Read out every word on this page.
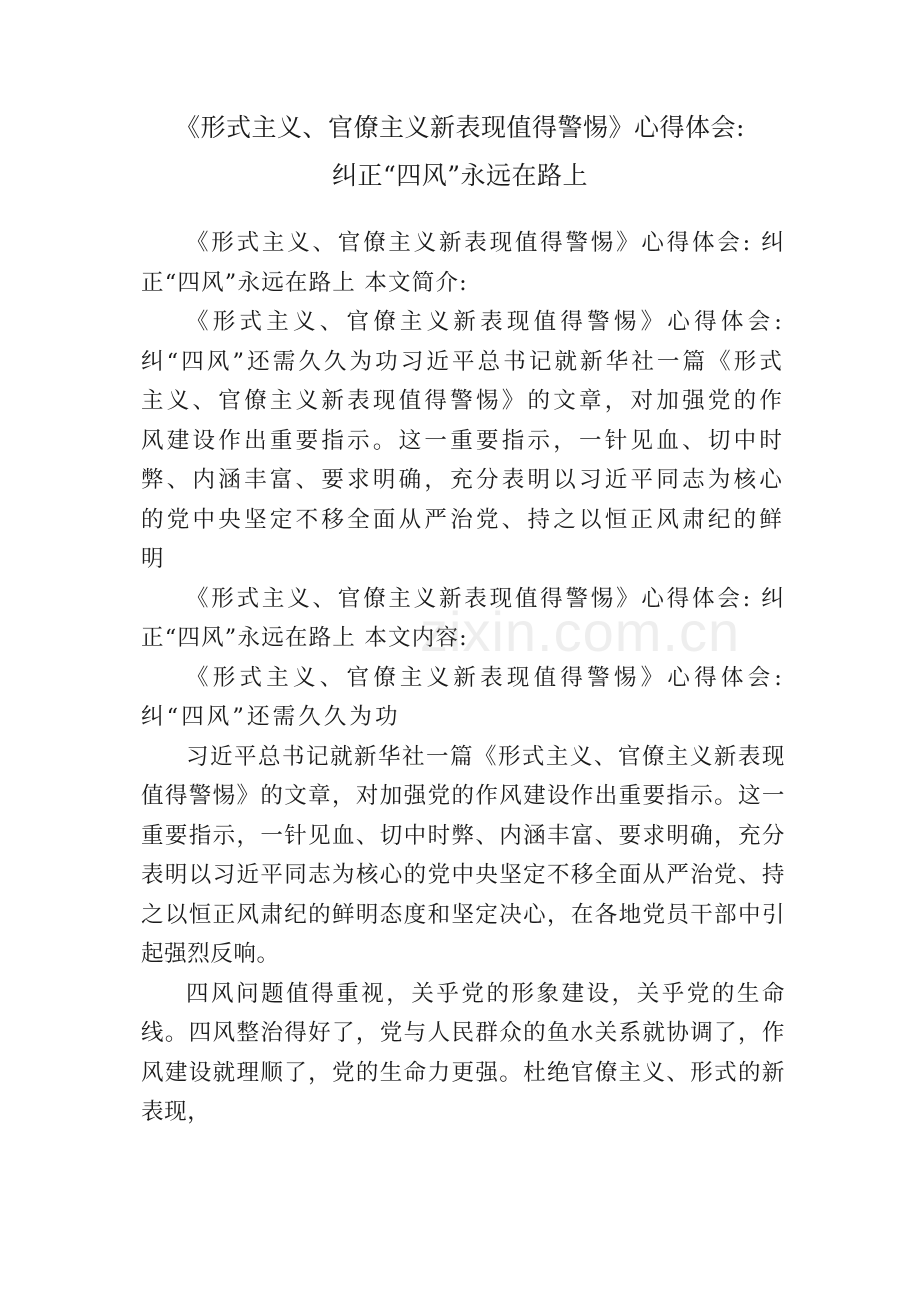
《形式主义、官僚主义新表现值得警惕》心得体会:
纠正“四风”永远在路上

《形式主义、官僚主义新表现值得警惕》心得体会: 纠正“四风”永远在路上 本文简介:

《形式主义、官僚主义新表现值得警惕》心得体会: 纠“四风”还需久久为功习近平总书记就新华社一篇《形式主义、官僚主义新表现值得警惕》的文章，对加强党的作风建设作出重要指示。这一重要指示，一针见血、切中时弊、内涵丰富、要求明确，充分表明以习近平同志为核心的党中央坚定不移全面从严治党、持之以恒正风肃纪的鲜明

《形式主义、官僚主义新表现值得警惕》心得体会: 纠正“四风”永远在路上 本文内容:

《形式主义、官僚主义新表现值得警惕》心得体会: 纠“四风”还需久久为功

习近平总书记就新华社一篇《形式主义、官僚主义新表现值得警惕》的文章，对加强党的作风建设作出重要指示。这一重要指示，一针见血、切中时弊、内涵丰富、要求明确，充分表明以习近平同志为核心的党中央坚定不移全面从严治党、持之以恒正风肃纪的鲜明态度和坚定决心，在各地党员干部中引起强烈反响。

四风问题值得重视，关乎党的形象建设，关乎党的生命线。四风整治得好了，党与人民群众的鱼水关系就协调了，作风建设就理顺了，党的生命力更强。杜绝官僚主义、形式的新表现，

zixin.com.cn
